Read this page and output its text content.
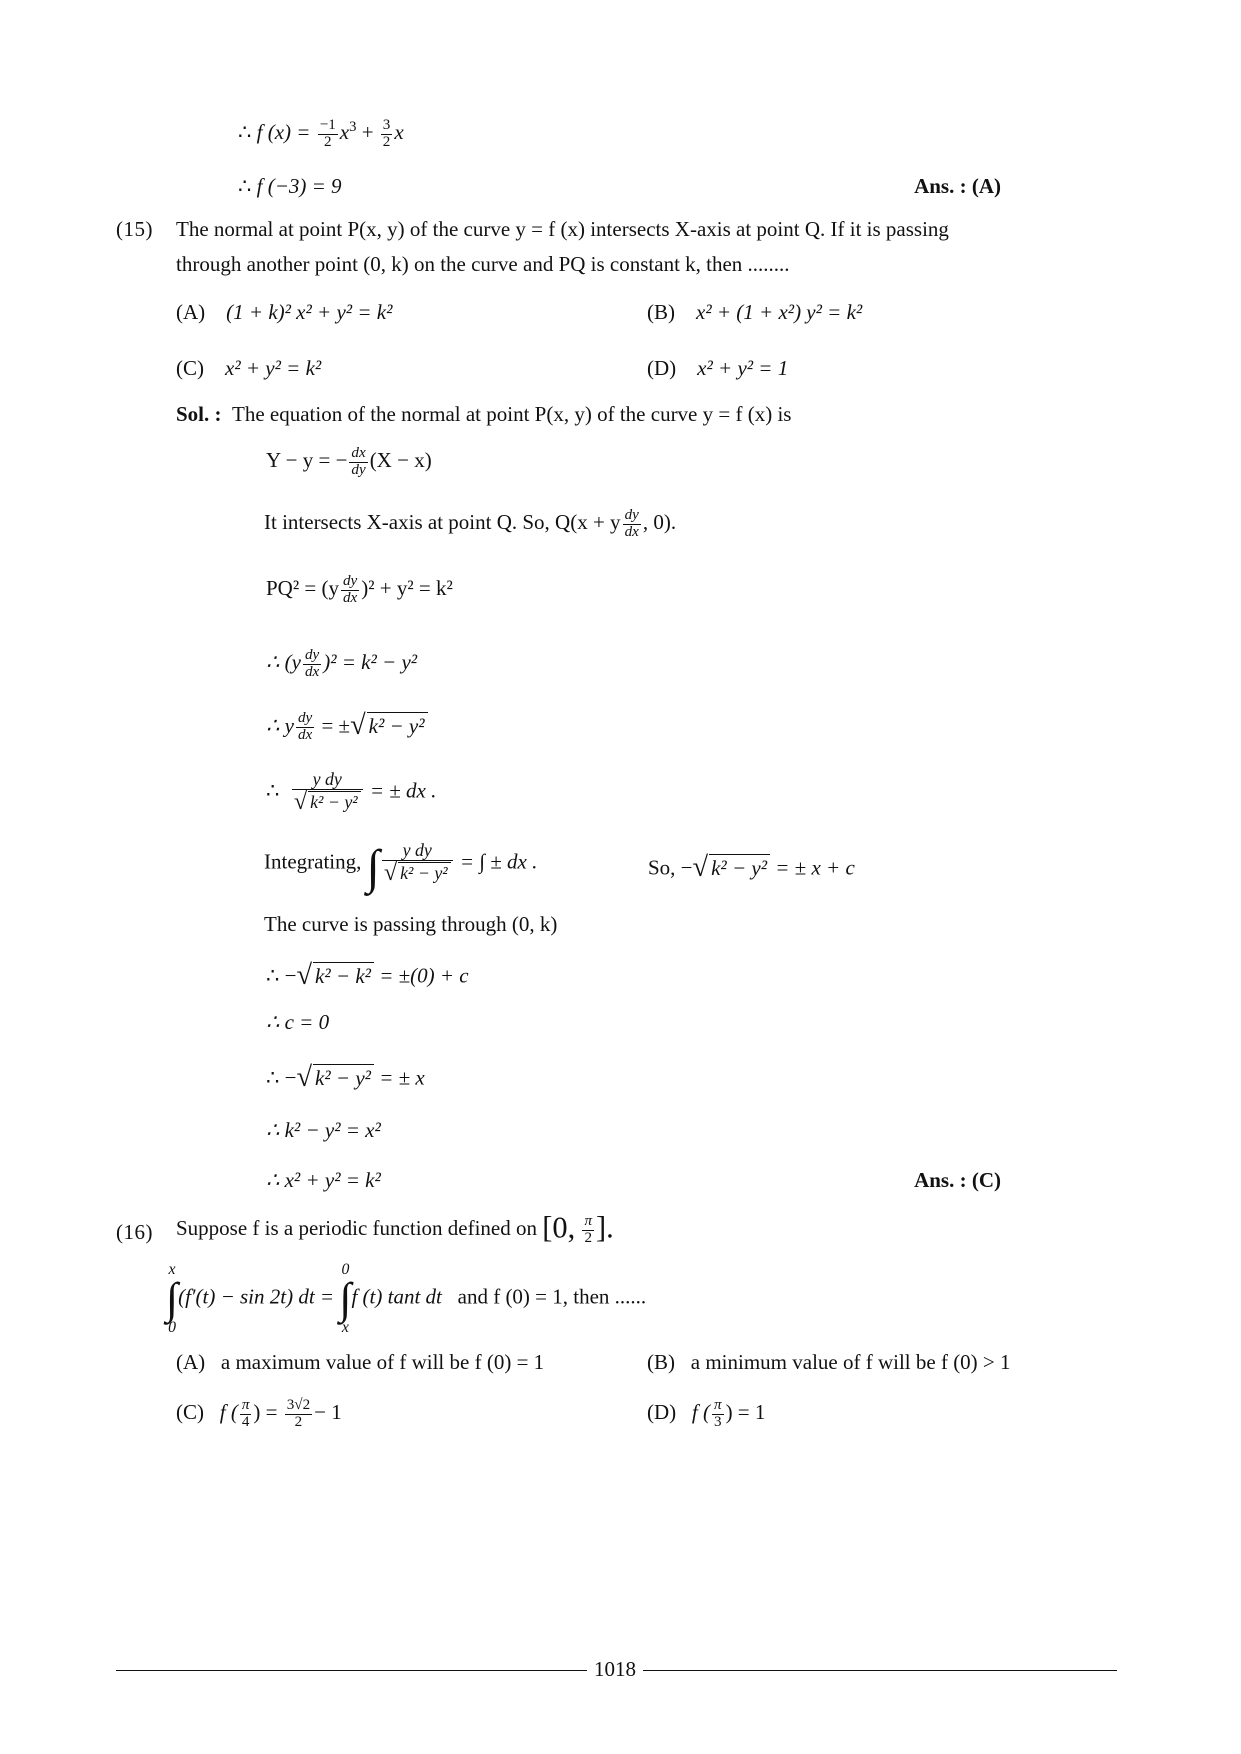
∴ f $(x) = \frac{-1}{2} x^3 + \frac{3}{2}$ x
∴ f (−3) = 9	Ans. : (A)
(15) The normal at point P(x, y) of the curve y = f (x) intersects X-axis at point Q. If it is passing
through another point (0, k) on the curve and PQ is constant k, then ........
(A) (1 + k)² x² + y² = k²	(B) x² + (1 + x²) y² = k²
(C) x² + y² = k²	(D) x² + y² = 1
Sol. : The equation of the normal at point P(x, y) of the curve y = f (x) is
Y − y = − $\frac{dx}{dy} (X - x)$
It intersects X-axis at point Q. So, Q(x + y $\frac{dy}{dx}$ , 0).
$PQ^2 = (y \frac{dy}{dx} )^2 + y^2 = k^2$
∴ $(y \frac{dy}{dx} )^2 = k^2 - y^2$
∴ y $\frac{dy}{dx}$ = ±√ k² − y²
∴ $\frac{\text{y dy}}{\text{√ k² − y²}}$ = ± dx .
Integrating, ∫ $\frac{\text{y dy}}{\text{√ k² − y²}}$ = ∫ ± dx .	So, −√ k² − y² = ± x + c
The curve is passing through (0, k)
∴ −√ k² − k² = ±(0) + c
∴ c = 0
∴ −√ k² − y² = ± x
∴ k² − y² = x²
∴ x² + y² = k²	Ans. : (C)
(16) Suppose f is a periodic function defined on [0, $\frac{\pi}{2}$ ].
x
∫
0
(f′(t) − sin 2t) dt =
0
∫
x
f (t) tant dt and f (0) = 1, then ......
(A) a maximum value of f will be f (0) = 1	(B) a minimum value of f will be f (0) > 1
(C) f ( $\frac{\pi}{4}$ ) = $\frac{3√2}{2} - 1$	(D) f ( $\frac{\pi}{3}$ ) = 1
1018
